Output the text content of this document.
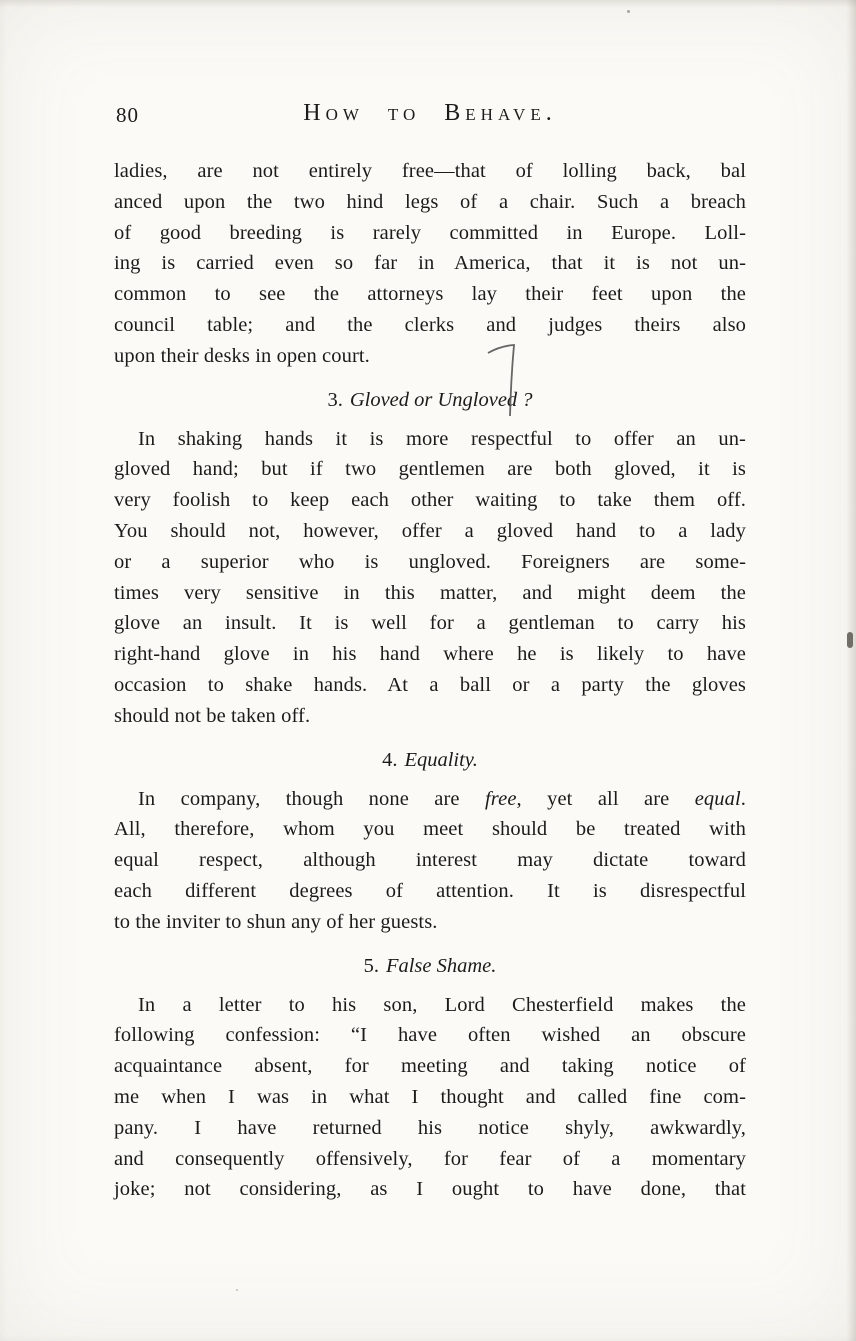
80	How to Behave.
ladies, are not entirely free—that of lolling back, bal
anced upon the two hind legs of a chair. Such a breach
of good breeding is rarely committed in Europe. Loll-
ing is carried even so far in America, that it is not un-
common to see the attorneys lay their feet upon the
council table; and the clerks and judges theirs also
upon their desks in open court.
3. Gloved or Ungloved ?
In shaking hands it is more respectful to offer an un-
gloved hand; but if two gentlemen are both gloved, it is
very foolish to keep each other waiting to take them off.
You should not, however, offer a gloved hand to a lady
or a superior who is ungloved. Foreigners are some-
times very sensitive in this matter, and might deem the
glove an insult. It is well for a gentleman to carry his
right-hand glove in his hand where he is likely to have
occasion to shake hands. At a ball or a party the gloves
should not be taken off.
4. Equality.
In company, though none are free, yet all are equal.
All, therefore, whom you meet should be treated with
equal respect, although interest may dictate toward
each different degrees of attention. It is disrespectful
to the inviter to shun any of her guests.
5. False Shame.
In a letter to his son, Lord Chesterfield makes the
following confession: “I have often wished an obscure
acquaintance absent, for meeting and taking notice of
me when I was in what I thought and called fine com-
pany. I have returned his notice shyly, awkwardly,
and consequently offensively, for fear of a momentary
joke; not considering, as I ought to have done, that
